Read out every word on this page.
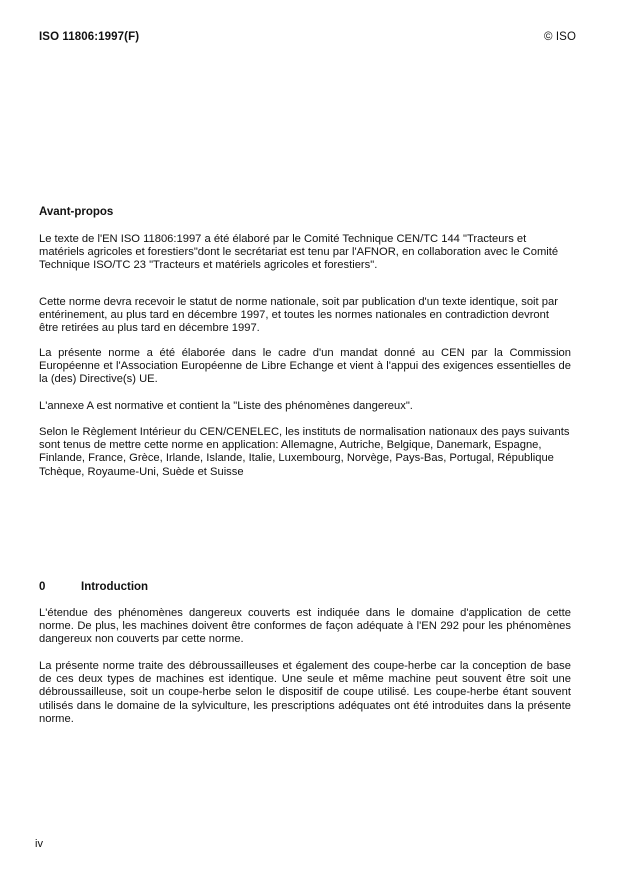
ISO 11806:1997(F)	© ISO
Avant-propos

Le texte de l'EN ISO 11806:1997 a été élaboré par le Comité Technique CEN/TC 144 "Tracteurs et matériels agricoles et forestiers"dont le secrétariat est tenu par l'AFNOR, en collaboration avec le Comité Technique ISO/TC 23 "Tracteurs et matériels agricoles et forestiers".

Cette norme devra recevoir le statut de norme nationale, soit par publication d'un texte identique, soit par entérinement, au plus tard en décembre 1997, et toutes les normes nationales en contradiction devront être retirées au plus tard en décembre 1997.

La présente norme a été élaborée dans le cadre d'un mandat donné au CEN par la Commission Européenne et l'Association Européenne de Libre Echange et vient à l'appui des exigences essentielles de la (des) Directive(s) UE.

L'annexe A est normative et contient la "Liste des phénomènes dangereux".

Selon le Règlement Intérieur du CEN/CENELEC, les instituts de normalisation nationaux des pays suivants sont tenus de mettre cette norme en application: Allemagne, Autriche, Belgique, Danemark, Espagne, Finlande, France, Grèce, Irlande, Islande, Italie, Luxembourg, Norvège, Pays-Bas, Portugal, République Tchèque, Royaume-Uni, Suède et Suisse

0	Introduction

L'étendue des phénomènes dangereux couverts est indiquée dans le domaine d'application de cette norme. De plus, les machines doivent être conformes de façon adéquate à l'EN 292 pour les phénomènes dangereux non couverts par cette norme.

La présente norme traite des débroussailleuses et également des coupe-herbe car la conception de base de ces deux types de machines est identique. Une seule et même machine peut souvent être soit une débroussailleuse, soit un coupe-herbe selon le dispositif de coupe utilisé. Les coupe-herbe étant souvent utilisés dans le domaine de la sylviculture, les prescriptions adéquates ont été introduites dans la présente norme.

iv
